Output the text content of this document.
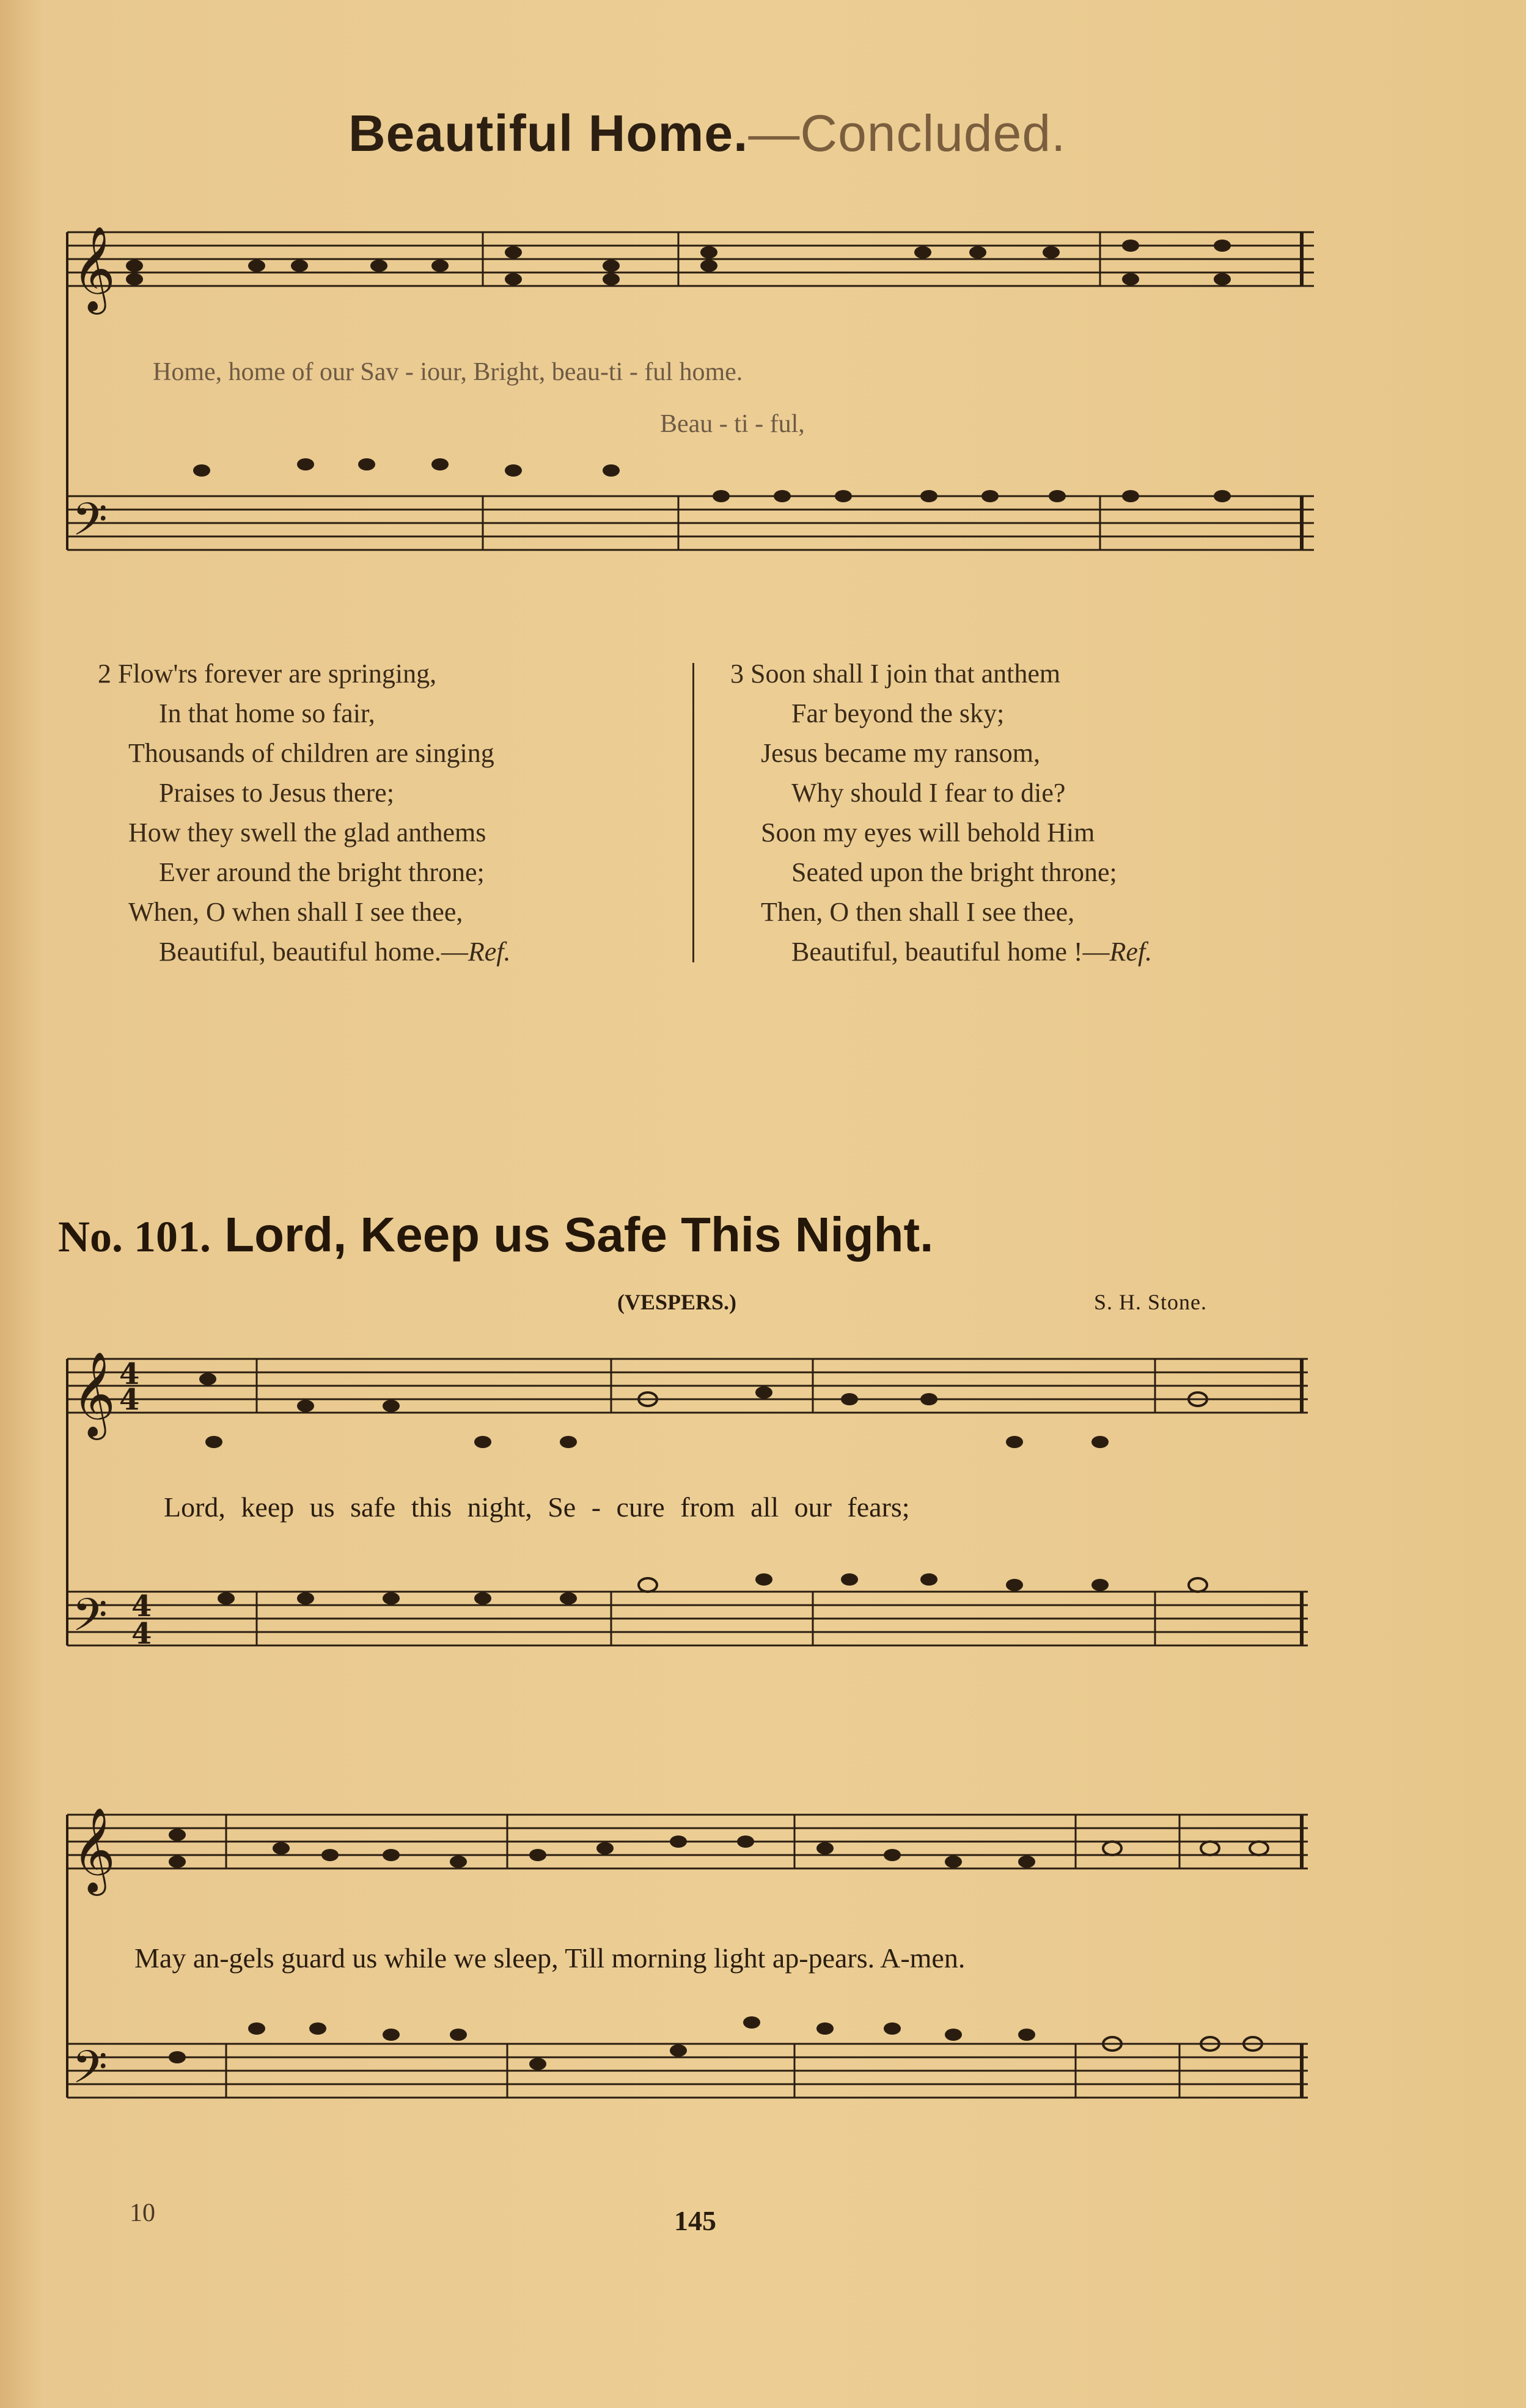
Beautiful Home.—Concluded.
𝄞
𝄢
𝄞
𝄢
𝄞
𝄢
4
4
4
4
Home, home of our Sav - iour, Bright, beau-ti - ful home.
Beau - ti - ful,
2 Flow'rs forever are springing,
In that home so fair,
Thousands of children are singing
Praises to Jesus there;
How they swell the glad anthems
Ever around the bright throne;
When, O when shall I see thee,
Beautiful, beautiful home.—Ref.
3 Soon shall I join that anthem
Far beyond the sky;
Jesus became my ransom,
Why should I fear to die?
Soon my eyes will behold Him
Seated upon the bright throne;
Then, O then shall I see thee,
Beautiful, beautiful home !—Ref.
No. 101. Lord, Keep us Safe This Night.
(VESPERS.)	S. H. Stone.
Lord, keep us safe this night, Se - cure from all our fears;
May an-gels guard us while we sleep, Till morning light ap-pears. A-men.
10	145
